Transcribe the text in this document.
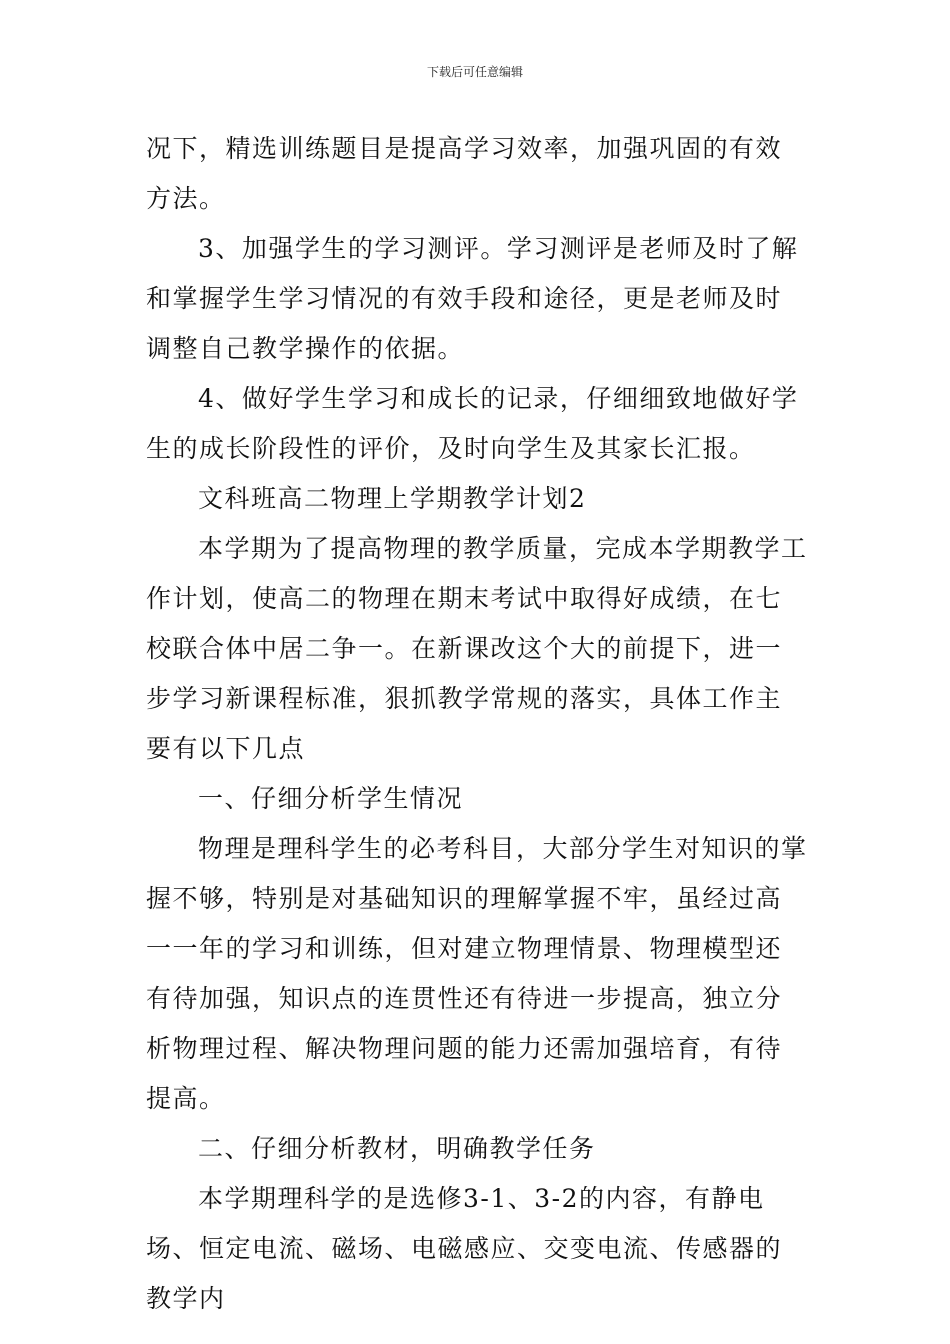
下载后可任意编辑

况下，精选训练题目是提高学习效率，加强巩固的有效方法。

3、加强学生的学习测评。学习测评是老师及时了解和掌握学生学习情况的有效手段和途径，更是老师及时调整自己教学操作的依据。

4、做好学生学习和成长的记录，仔细细致地做好学生的成长阶段性的评价，及时向学生及其家长汇报。

文科班高二物理上学期教学计划2

本学期为了提高物理的教学质量，完成本学期教学工作计划，使高二的物理在期末考试中取得好成绩，在七校联合体中居二争一。在新课改这个大的前提下，进一步学习新课程标准，狠抓教学常规的落实，具体工作主要有以下几点

一、仔细分析学生情况

物理是理科学生的必考科目，大部分学生对知识的掌握不够，特别是对基础知识的理解掌握不牢，虽经过高一一年的学习和训练，但对建立物理情景、物理模型还有待加强，知识点的连贯性还有待进一步提高，独立分析物理过程、解决物理问题的能力还需加强培育，有待提高。

二、仔细分析教材，明确教学任务

本学期理科学的是选修3-1、3-2的内容，有静电场、恒定电流、磁场、电磁感应、交变电流、传感器的教学内
